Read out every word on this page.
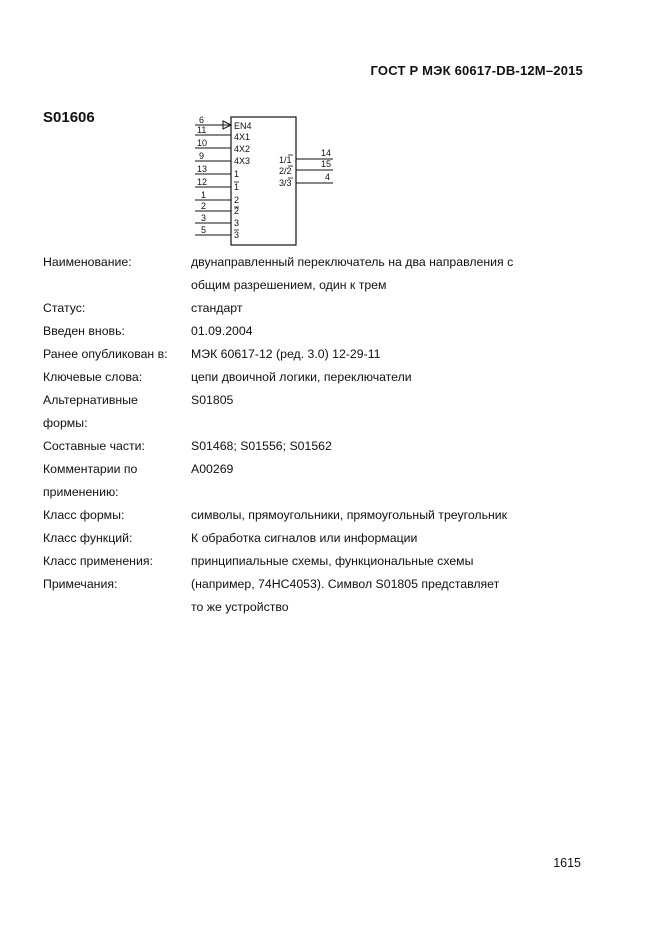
ГОСТ Р МЭК 60617-DB-12M–2015
S01606	6
11
10
9
13
12
1
2
3
5
EN4
4X1
4X2
4X3
1
1
2
2
3
3
1/1
2/2
3/3
14
15
4
Наименование:	двунаправленный переключатель на два направления с
общим разрешением, один к трем
Статус:	стандарт
Введен вновь:	01.09.2004
Ранее опубликован в:	МЭК 60617-12 (ред. 3.0) 12-29-11
Ключевые слова:	цепи двоичной логики, переключатели
Альтернативные
формы:
S01805
Составные части:	S01468; S01556; S01562
Комментарии по
применению:
A00269
Класс формы:	символы, прямоугольники, прямоугольный треугольник
Класс функций:	К обработка сигналов или информации
Класс применения:	принципиальные схемы, функциональные схемы
Примечания:	(например, 74HC4053). Символ S01805 представляет
то же устройство
1615
